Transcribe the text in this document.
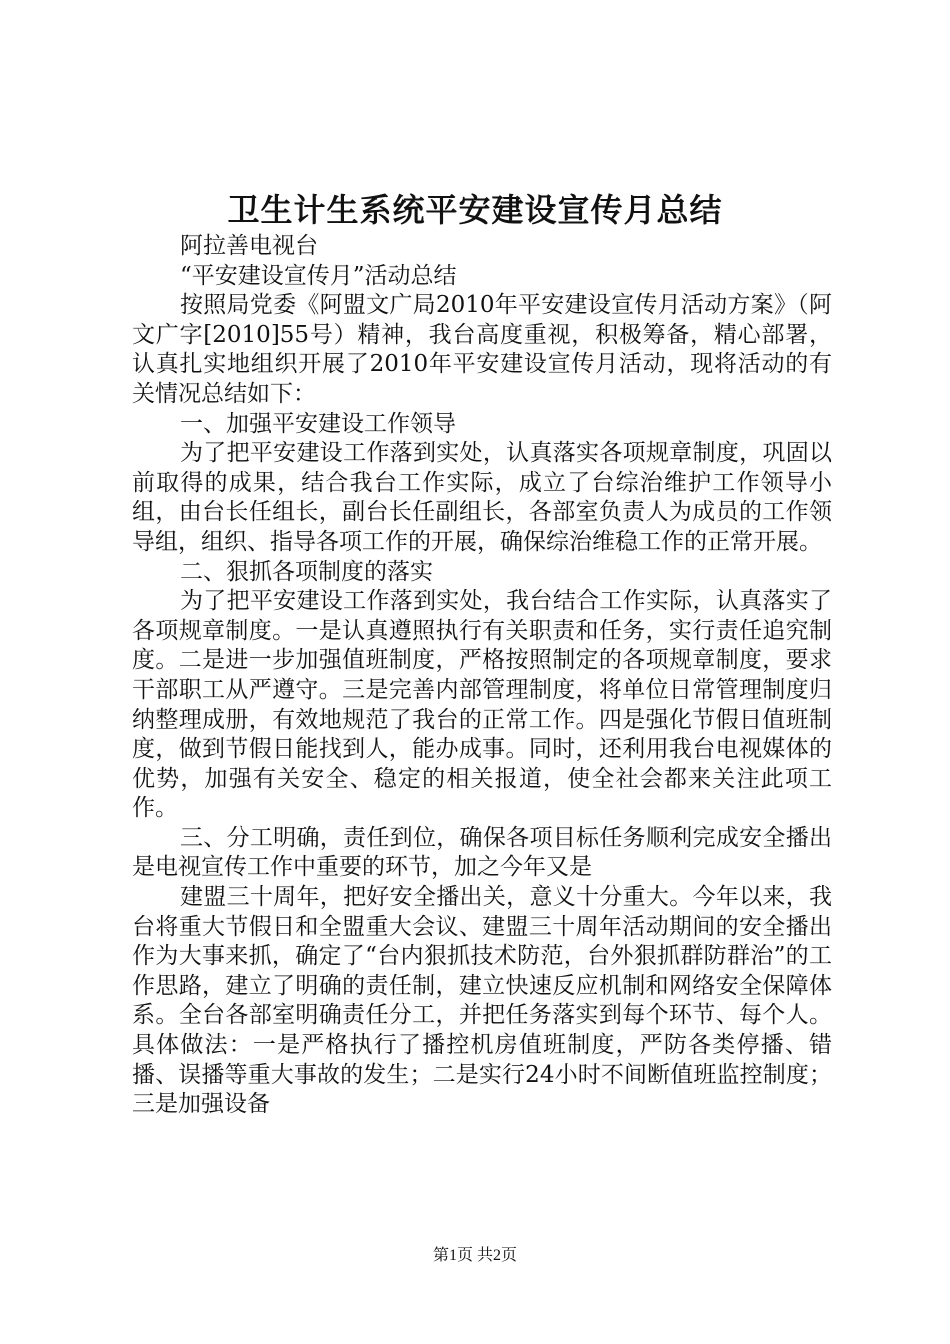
卫生计生系统平安建设宣传月总结

阿拉善电视台

“平安建设宣传月”活动总结

按照局党委《阿盟文广局2010年平安建设宣传月活动方案》（阿文广字[2010]55号）精神，我台高度重视，积极筹备，精心部署，认真扎实地组织开展了2010年平安建设宣传月活动，现将活动的有关情况总结如下：

一、加强平安建设工作领导

为了把平安建设工作落到实处，认真落实各项规章制度，巩固以前取得的成果，结合我台工作实际，成立了台综治维护工作领导小组，由台长任组长，副台长任副组长，各部室负责人为成员的工作领导组，组织、指导各项工作的开展，确保综治维稳工作的正常开展。

二、狠抓各项制度的落实

为了把平安建设工作落到实处，我台结合工作实际，认真落实了各项规章制度。一是认真遵照执行有关职责和任务，实行责任追究制度。二是进一步加强值班制度，严格按照制定的各项规章制度，要求干部职工从严遵守。三是完善内部管理制度，将单位日常管理制度归纳整理成册，有效地规范了我台的正常工作。四是强化节假日值班制度，做到节假日能找到人，能办成事。同时，还利用我台电视媒体的优势，加强有关安全、稳定的相关报道，使全社会都来关注此项工作。

三、分工明确，责任到位，确保各项目标任务顺利完成安全播出是电视宣传工作中重要的环节，加之今年又是

建盟三十周年，把好安全播出关，意义十分重大。今年以来，我台将重大节假日和全盟重大会议、建盟三十周年活动期间的安全播出作为大事来抓，确定了“台内狠抓技术防范，台外狠抓群防群治”的工作思路，建立了明确的责任制，建立快速反应机制和网络安全保障体系。全台各部室明确责任分工，并把任务落实到每个环节、每个人。具体做法：一是严格执行了播控机房值班制度，严防各类停播、错播、误播等重大事故的发生；二是实行24小时不间断值班监控制度；三是加强设备

第1页 共2页
